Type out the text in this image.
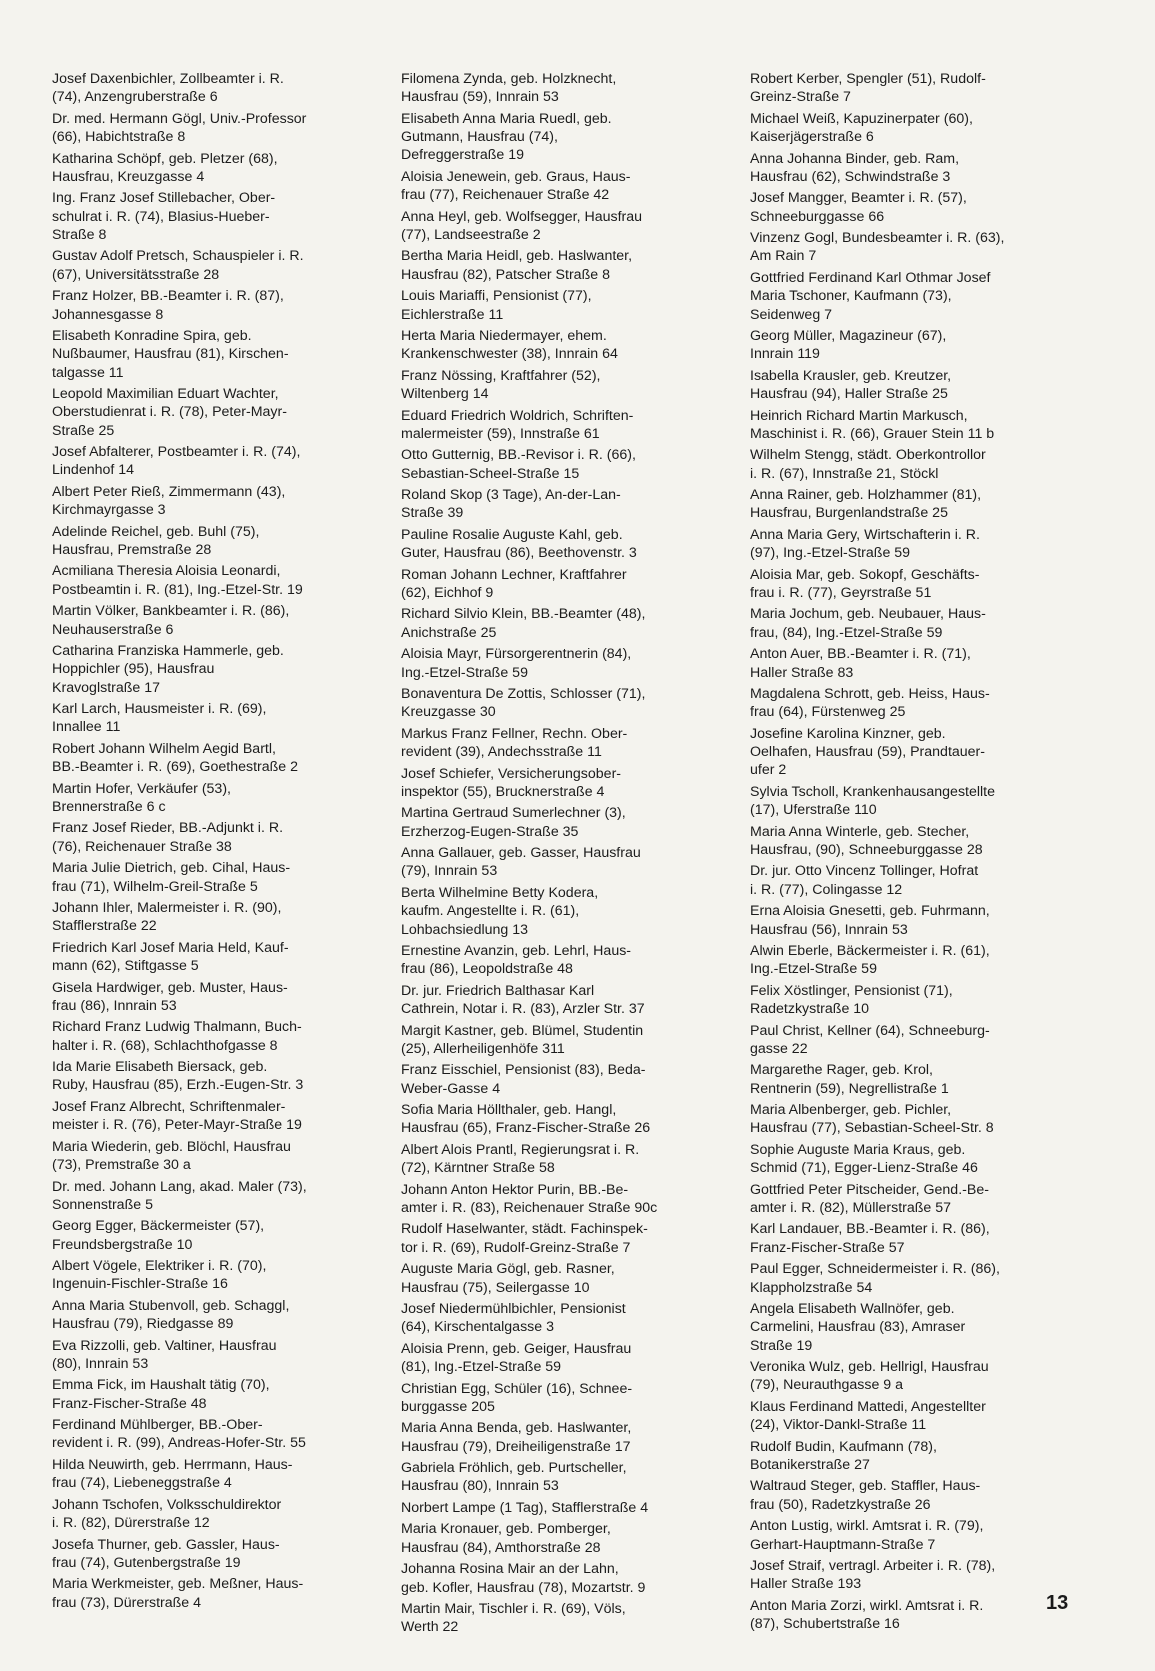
Josef Daxenbichler, Zollbeamter i. R.
(74), Anzengruberstraße 6
Dr. med. Hermann Gögl, Univ.-Professor
(66), Habichtstraße 8
Katharina Schöpf, geb. Pletzer (68),
Hausfrau, Kreuzgasse 4
Ing. Franz Josef Stillebacher, Ober-
schulrat i. R. (74), Blasius-Hueber-
Straße 8
Gustav Adolf Pretsch, Schauspieler i. R.
(67), Universitätsstraße 28
Franz Holzer, BB.-Beamter i. R. (87),
Johannesgasse 8
Elisabeth Konradine Spira, geb.
Nußbaumer, Hausfrau (81), Kirschen-
talgasse 11
Leopold Maximilian Eduart Wachter,
Oberstudienrat i. R. (78), Peter-Mayr-
Straße 25
Josef Abfalterer, Postbeamter i. R. (74),
Lindenhof 14
Albert Peter Rieß, Zimmermann (43),
Kirchmayrgasse 3
Adelinde Reichel, geb. Buhl (75),
Hausfrau, Premstraße 28
Acmiliana Theresia Aloisia Leonardi,
Postbeamtin i. R. (81), Ing.-Etzel-Str. 19
Martin Völker, Bankbeamter i. R. (86),
Neuhauserstraße 6
Catharina Franziska Hammerle, geb.
Hoppichler (95), Hausfrau
Kravoglstraße 17
Karl Larch, Hausmeister i. R. (69),
Innallee 11
Robert Johann Wilhelm Aegid Bartl,
BB.-Beamter i. R. (69), Goethestraße 2
Martin Hofer, Verkäufer (53),
Brennerstraße 6 c
Franz Josef Rieder, BB.-Adjunkt i. R.
(76), Reichenauer Straße 38
Maria Julie Dietrich, geb. Cihal, Haus-
frau (71), Wilhelm-Greil-Straße 5
Johann Ihler, Malermeister i. R. (90),
Stafflerstraße 22
Friedrich Karl Josef Maria Held, Kauf-
mann (62), Stiftgasse 5
Gisela Hardwiger, geb. Muster, Haus-
frau (86), Innrain 53
Richard Franz Ludwig Thalmann, Buch-
halter i. R. (68), Schlachthofgasse 8
Ida Marie Elisabeth Biersack, geb.
Ruby, Hausfrau (85), Erzh.-Eugen-Str. 3
Josef Franz Albrecht, Schriftenmaler-
meister i. R. (76), Peter-Mayr-Straße 19
Maria Wiederin, geb. Blöchl, Hausfrau
(73), Premstraße 30 a
Dr. med. Johann Lang, akad. Maler (73),
Sonnenstraße 5
Georg Egger, Bäckermeister (57),
Freundsbergstraße 10
Albert Vögele, Elektriker i. R. (70),
Ingenuin-Fischler-Straße 16
Anna Maria Stubenvoll, geb. Schaggl,
Hausfrau (79), Riedgasse 89
Eva Rizzolli, geb. Valtiner, Hausfrau
(80), Innrain 53
Emma Fick, im Haushalt tätig (70),
Franz-Fischer-Straße 48
Ferdinand Mühlberger, BB.-Ober-
revident i. R. (99), Andreas-Hofer-Str. 55
Hilda Neuwirth, geb. Herrmann, Haus-
frau (74), Liebeneggstraße 4
Johann Tschofen, Volksschuldirektor
i. R. (82), Dürerstraße 12
Josefa Thurner, geb. Gassler, Haus-
frau (74), Gutenbergstraße 19
Maria Werkmeister, geb. Meßner, Haus-
frau (73), Dürerstraße 4
Filomena Zynda, geb. Holzknecht,
Hausfrau (59), Innrain 53
Elisabeth Anna Maria Ruedl, geb.
Gutmann, Hausfrau (74),
Defreggerstraße 19
Aloisia Jenewein, geb. Graus, Haus-
frau (77), Reichenauer Straße 42
Anna Heyl, geb. Wolfsegger, Hausfrau
(77), Landseestraße 2
Bertha Maria Heidl, geb. Haslwanter,
Hausfrau (82), Patscher Straße 8
Louis Mariaffi, Pensionist (77),
Eichlerstraße 11
Herta Maria Niedermayer, ehem.
Krankenschwester (38), Innrain 64
Franz Nössing, Kraftfahrer (52),
Wiltenberg 14
Eduard Friedrich Woldrich, Schriften-
malermeister (59), Innstraße 61
Otto Gutternig, BB.-Revisor i. R. (66),
Sebastian-Scheel-Straße 15
Roland Skop (3 Tage), An-der-Lan-
Straße 39
Pauline Rosalie Auguste Kahl, geb.
Guter, Hausfrau (86), Beethovenstr. 3
Roman Johann Lechner, Kraftfahrer
(62), Eichhof 9
Richard Silvio Klein, BB.-Beamter (48),
Anichstraße 25
Aloisia Mayr, Fürsorgerentnerin (84),
Ing.-Etzel-Straße 59
Bonaventura De Zottis, Schlosser (71),
Kreuzgasse 30
Markus Franz Fellner, Rechn. Ober-
revident (39), Andechsstraße 11
Josef Schiefer, Versicherungsober-
inspektor (55), Brucknerstraße 4
Martina Gertraud Sumerlechner (3),
Erzherzog-Eugen-Straße 35
Anna Gallauer, geb. Gasser, Hausfrau
(79), Innrain 53
Berta Wilhelmine Betty Kodera,
kaufm. Angestellte i. R. (61),
Lohbachsiedlung 13
Ernestine Avanzin, geb. Lehrl, Haus-
frau (86), Leopoldstraße 48
Dr. jur. Friedrich Balthasar Karl
Cathrein, Notar i. R. (83), Arzler Str. 37
Margit Kastner, geb. Blümel, Studentin
(25), Allerheiligenhöfe 311
Franz Eisschiel, Pensionist (83), Beda-
Weber-Gasse 4
Sofia Maria Höllthaler, geb. Hangl,
Hausfrau (65), Franz-Fischer-Straße 26
Albert Alois Prantl, Regierungsrat i. R.
(72), Kärntner Straße 58
Johann Anton Hektor Purin, BB.-Be-
amter i. R. (83), Reichenauer Straße 90c
Rudolf Haselwanter, städt. Fachinspek-
tor i. R. (69), Rudolf-Greinz-Straße 7
Auguste Maria Gögl, geb. Rasner,
Hausfrau (75), Seilergasse 10
Josef Niedermühlbichler, Pensionist
(64), Kirschentalgasse 3
Aloisia Prenn, geb. Geiger, Hausfrau
(81), Ing.-Etzel-Straße 59
Christian Egg, Schüler (16), Schnee-
burggasse 205
Maria Anna Benda, geb. Haslwanter,
Hausfrau (79), Dreiheiligenstraße 17
Gabriela Fröhlich, geb. Purtscheller,
Hausfrau (80), Innrain 53
Norbert Lampe (1 Tag), Stafflerstraße 4
Maria Kronauer, geb. Pomberger,
Hausfrau (84), Amthorstraße 28
Johanna Rosina Mair an der Lahn,
geb. Kofler, Hausfrau (78), Mozartstr. 9
Martin Mair, Tischler i. R. (69), Völs,
Werth 22
Robert Kerber, Spengler (51), Rudolf-
Greinz-Straße 7
Michael Weiß, Kapuzinerpater (60),
Kaiserjägerstraße 6
Anna Johanna Binder, geb. Ram,
Hausfrau (62), Schwindstraße 3
Josef Mangger, Beamter i. R. (57),
Schneeburggasse 66
Vinzenz Gogl, Bundesbeamter i. R. (63),
Am Rain 7
Gottfried Ferdinand Karl Othmar Josef
Maria Tschoner, Kaufmann (73),
Seidenweg 7
Georg Müller, Magazineur (67),
Innrain 119
Isabella Krausler, geb. Kreutzer,
Hausfrau (94), Haller Straße 25
Heinrich Richard Martin Markusch,
Maschinist i. R. (66), Grauer Stein 11 b
Wilhelm Stengg, städt. Oberkontrollor
i. R. (67), Innstraße 21, Stöckl
Anna Rainer, geb. Holzhammer (81),
Hausfrau, Burgenlandstraße 25
Anna Maria Gery, Wirtschafterin i. R.
(97), Ing.-Etzel-Straße 59
Aloisia Mar, geb. Sokopf, Geschäfts-
frau i. R. (77), Geyrstraße 51
Maria Jochum, geb. Neubauer, Haus-
frau, (84), Ing.-Etzel-Straße 59
Anton Auer, BB.-Beamter i. R. (71),
Haller Straße 83
Magdalena Schrott, geb. Heiss, Haus-
frau (64), Fürstenweg 25
Josefine Karolina Kinzner, geb.
Oelhafen, Hausfrau (59), Prandtauer-
ufer 2
Sylvia Tscholl, Krankenhausangestellte
(17), Uferstraße 110
Maria Anna Winterle, geb. Stecher,
Hausfrau, (90), Schneeburggasse 28
Dr. jur. Otto Vincenz Tollinger, Hofrat
i. R. (77), Colingasse 12
Erna Aloisia Gnesetti, geb. Fuhrmann,
Hausfrau (56), Innrain 53
Alwin Eberle, Bäckermeister i. R. (61),
Ing.-Etzel-Straße 59
Felix Xöstlinger, Pensionist (71),
Radetzkystraße 10
Paul Christ, Kellner (64), Schneeburg-
gasse 22
Margarethe Rager, geb. Krol,
Rentnerin (59), Negrellistraße 1
Maria Albenberger, geb. Pichler,
Hausfrau (77), Sebastian-Scheel-Str. 8
Sophie Auguste Maria Kraus, geb.
Schmid (71), Egger-Lienz-Straße 46
Gottfried Peter Pitscheider, Gend.-Be-
amter i. R. (82), Müllerstraße 57
Karl Landauer, BB.-Beamter i. R. (86),
Franz-Fischer-Straße 57
Paul Egger, Schneidermeister i. R. (86),
Klappholzstraße 54
Angela Elisabeth Wallnöfer, geb.
Carmelini, Hausfrau (83), Amraser
Straße 19
Veronika Wulz, geb. Hellrigl, Hausfrau
(79), Neurauthgasse 9 a
Klaus Ferdinand Mattedi, Angestellter
(24), Viktor-Dankl-Straße 11
Rudolf Budin, Kaufmann (78),
Botanikerstraße 27
Waltraud Steger, geb. Staffler, Haus-
frau (50), Radetzkystraße 26
Anton Lustig, wirkl. Amtsrat i. R. (79),
Gerhart-Hauptmann-Straße 7
Josef Straif, vertragl. Arbeiter i. R. (78),
Haller Straße 193
Anton Maria Zorzi, wirkl. Amtsrat i. R.
(87), Schubertstraße 16
13
